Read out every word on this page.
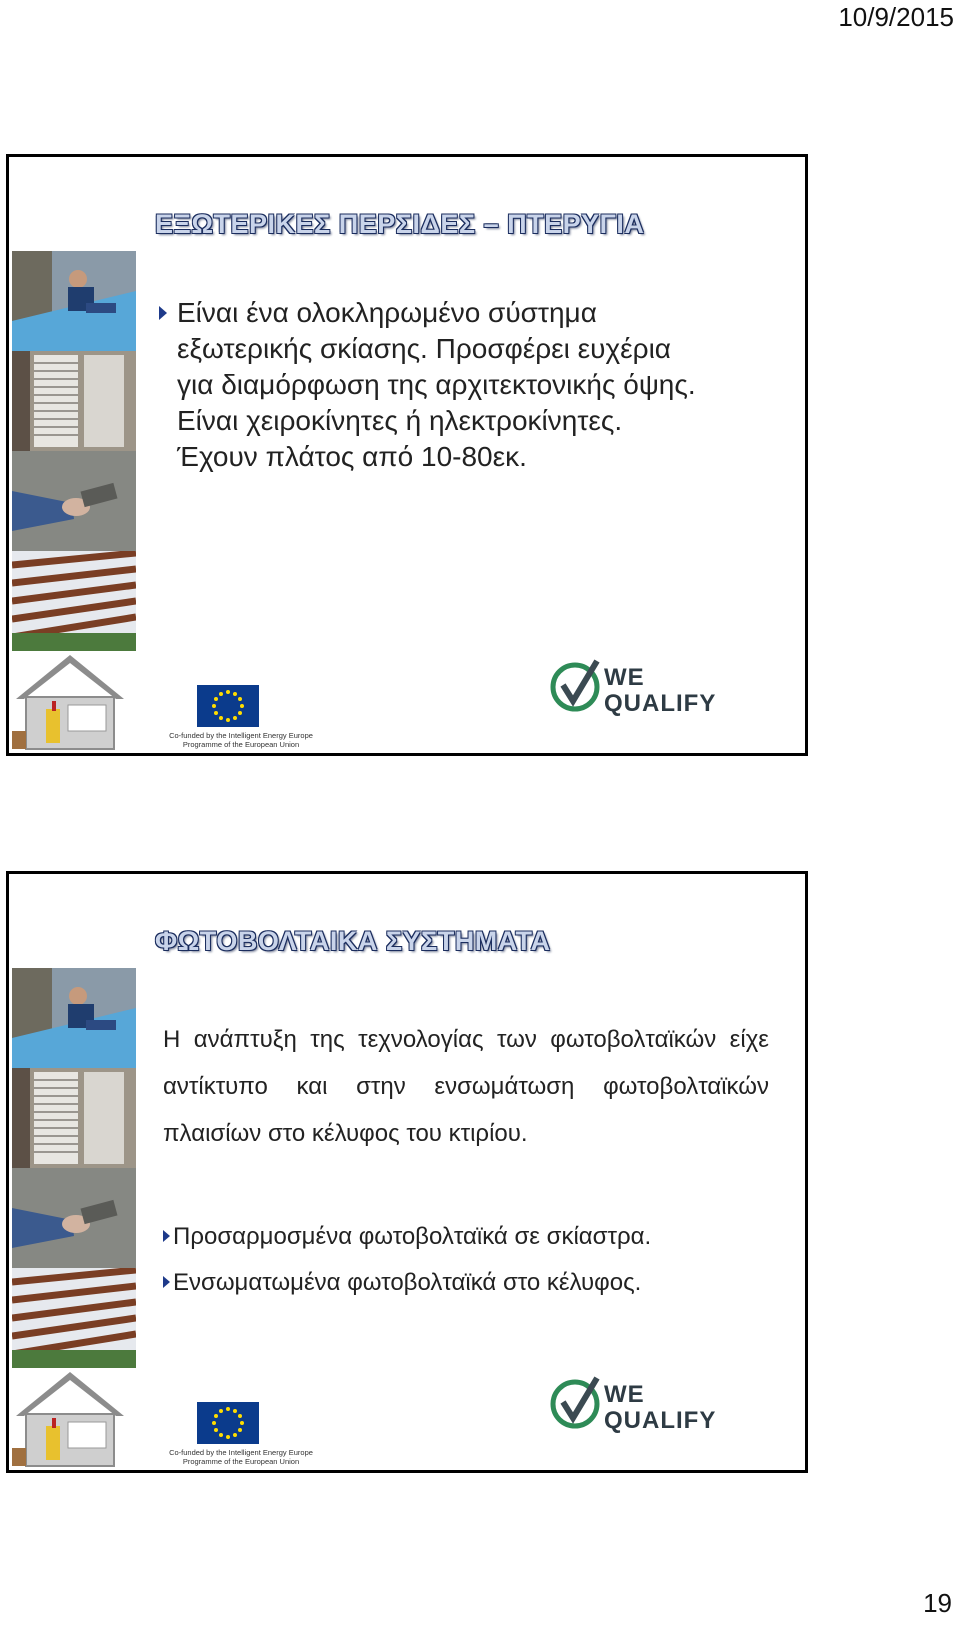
10/9/2015
ΕΞΩΤΕΡΙΚΕΣ ΠΕΡΣΙΔΕΣ – ΠΤΕΡΥΓΙΑ
Είναι ένα ολοκληρωμένο σύστημα
εξωτερικής σκίασης. Προσφέρει ευχέρια
για διαμόρφωση της αρχιτεκτονικής όψης.
Είναι χειροκίνητες ή ηλεκτροκίνητες.
Έχουν πλάτος από 10-80εκ.
Co-funded by the Intelligent Energy Europe
Programme of the European Union
WE
QUALIFY
ΦΩΤΟΒΟΛΤΑΙΚΑ ΣΥΣΤΗΜΑΤΑ

Η ανάπτυξη της τεχνολογίας των φωτοβολταϊκών είχε αντίκτυπο και στην ενσωμάτωση φωτοβολταϊκών πλαισίων στο κέλυφος του κτιρίου.

Προσαρμοσμένα φωτοβολταϊκά σε σκίαστρα.
Ενσωματωμένα φωτοβολταϊκά στο κέλυφος.
Co-funded by the Intelligent Energy Europe
Programme of the European Union
WE
QUALIFY
19
